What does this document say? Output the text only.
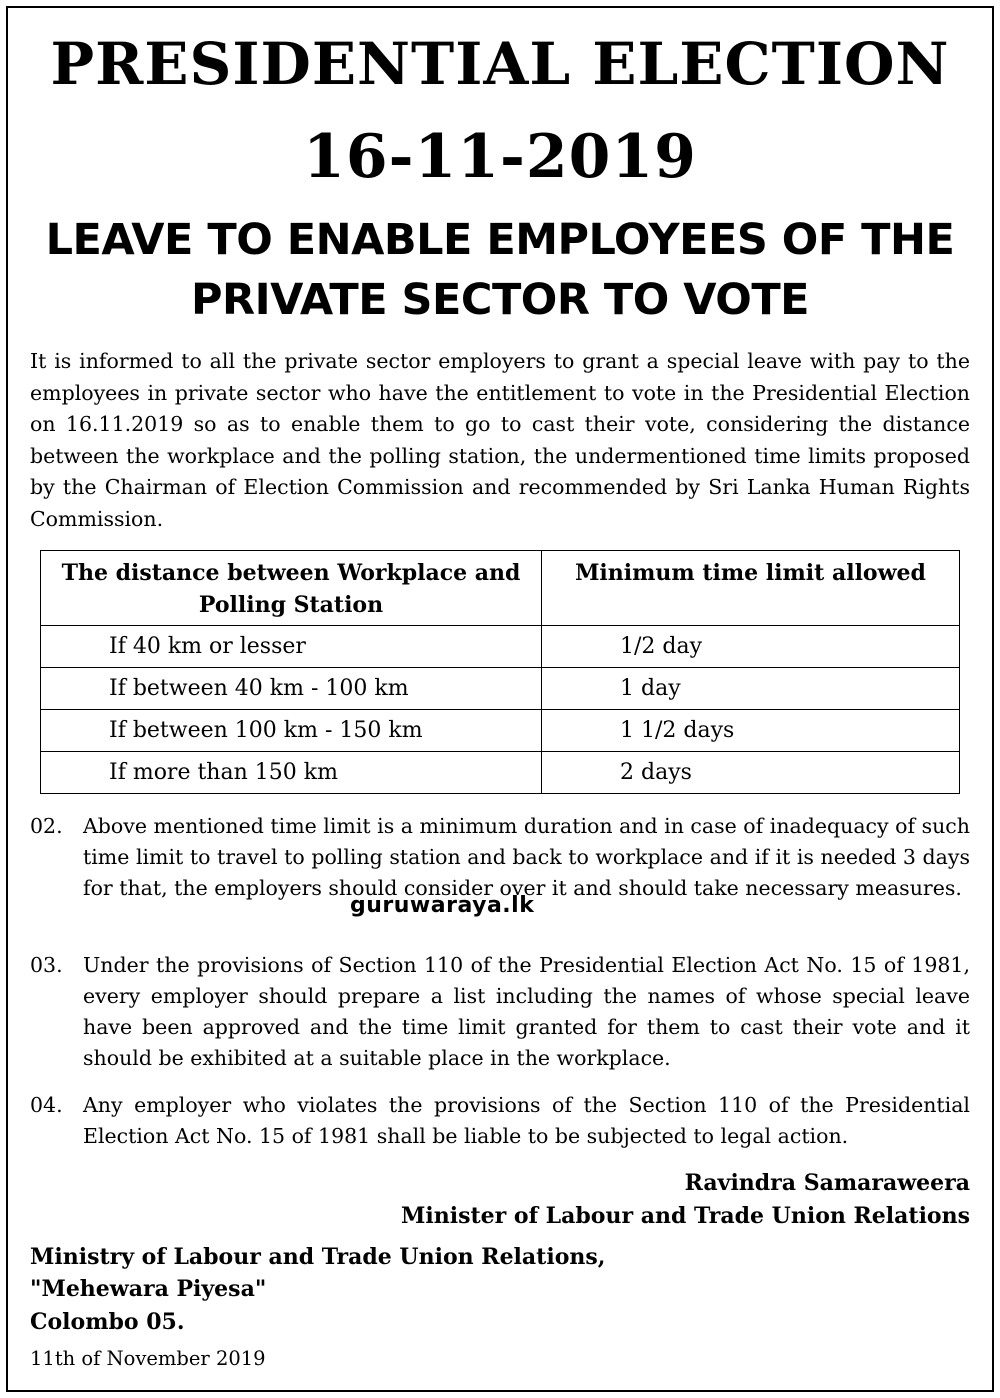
PRESIDENTIAL ELECTION
16-11-2019
LEAVE TO ENABLE EMPLOYEES OF THE
PRIVATE SECTOR TO VOTE

It is informed to all the private sector employers to grant a special leave with pay to the employees in private sector who have the entitlement to vote in the Presidential Election on 16.11.2019 so as to enable them to go to cast their vote, considering the distance between the workplace and the polling station, the undermentioned time limits proposed by the Chairman of Election Commission and recommended by Sri Lanka Human Rights Commission.

The distance between Workplace and Polling Station	Minimum time limit allowed
If 40 km or lesser	1/2 day
If between 40 km - 100 km	1 day
If between 100 km - 150 km	1 1/2 days
If more than 150 km	2 days
02. Above mentioned time limit is a minimum duration and in case of inadequacy of such time limit to travel to polling station and back to workplace and if it is needed 3 days for that, the employers should consider over it and should take necessary measures.
guruwaraya.lk
03. Under the provisions of Section 110 of the Presidential Election Act No. 15 of 1981, every employer should prepare a list including the names of whose special leave have been approved and the time limit granted for them to cast their vote and it should be exhibited at a suitable place in the workplace.
04. Any employer who violates the provisions of the Section 110 of the Presidential Election Act No. 15 of 1981 shall be liable to be subjected to legal action.

Ravindra Samaraweera

Minister of Labour and Trade Union Relations

Ministry of Labour and Trade Union Relations,

"Mehewara Piyesa"

Colombo 05.

11th of November 2019
